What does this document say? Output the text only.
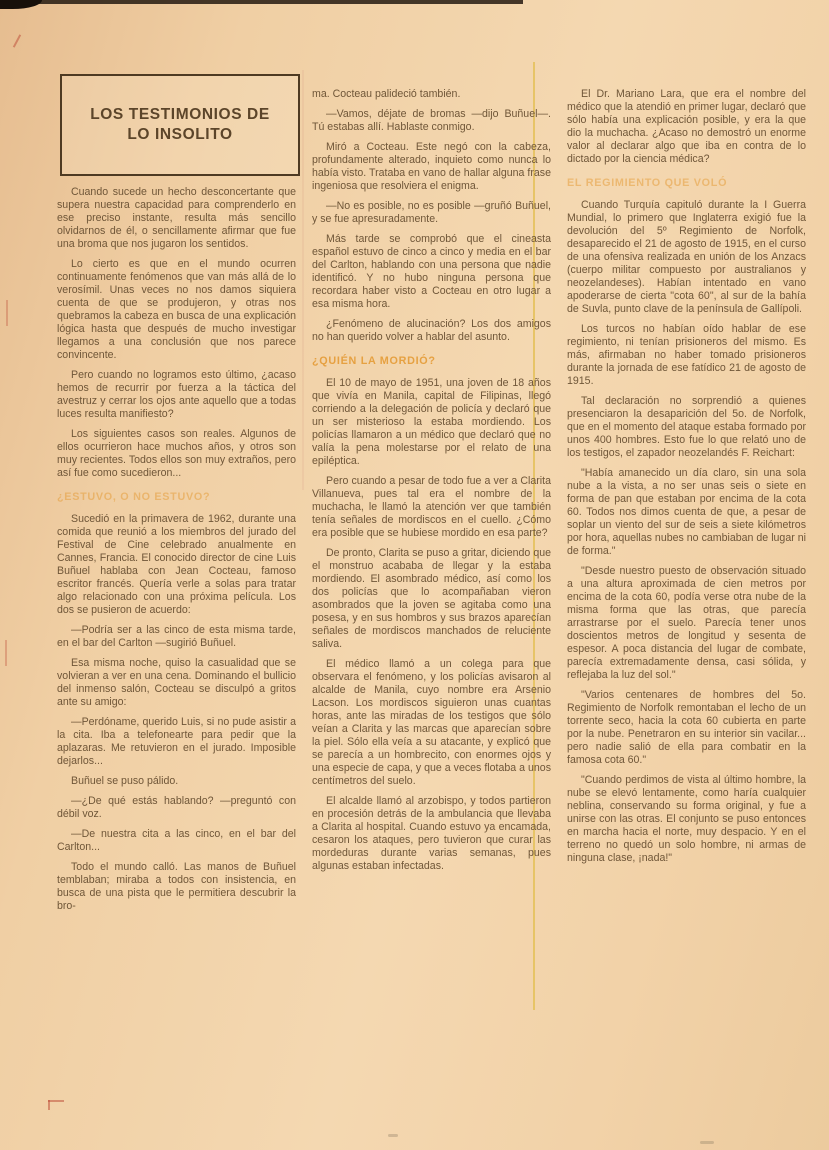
LOS TESTIMONIOS DE
LO INSOLITO

Cuando sucede un hecho desconcertante que supera nuestra capacidad para comprenderlo en ese preciso instante, resulta más sencillo olvidarnos de él, o sencillamente afirmar que fue una broma que nos jugaron los sentidos.

Lo cierto es que en el mundo ocurren continuamente fenómenos que van más allá de lo verosímil. Unas veces no nos damos siquiera cuenta de que se produjeron, y otras nos quebramos la cabeza en busca de una explicación lógica hasta que después de mucho investigar llegamos a una conclusión que nos parece convincente.

Pero cuando no logramos esto último, ¿acaso hemos de recurrir por fuerza a la táctica del avestruz y cerrar los ojos ante aquello que a todas luces resulta manifiesto?

Los siguientes casos son reales. Algunos de ellos ocurrieron hace muchos años, y otros son muy recientes. Todos ellos son muy extraños, pero así fue como sucedieron...

¿ESTUVO, O NO ESTUVO?

Sucedió en la primavera de 1962, durante una comida que reunió a los miembros del jurado del Festival de Cine celebrado anualmente en Cannes, Francia. El conocido director de cine Luis Buñuel hablaba con Jean Cocteau, famoso escritor francés. Quería verle a solas para tratar algo relacionado con una próxima película. Los dos se pusieron de acuerdo:

—Podría ser a las cinco de esta misma tarde, en el bar del Carlton —sugirió Buñuel.

Esa misma noche, quiso la casualidad que se volvieran a ver en una cena. Dominando el bullicio del inmenso salón, Cocteau se disculpó a gritos ante su amigo:

—Perdóname, querido Luis, si no pude asistir a la cita. Iba a telefonearte para pedir que la aplazaras. Me retuvieron en el jurado. Imposible dejarlos...

Buñuel se puso pálido.

—¿De qué estás hablando? —preguntó con débil voz.

—De nuestra cita a las cinco, en el bar del Carlton...

Todo el mundo calló. Las manos de Buñuel temblaban; miraba a todos con insistencia, en busca de una pista que le permitiera descubrir la bro-

ma. Cocteau palideció también.

—Vamos, déjate de bromas —dijo Buñuel—. Tú estabas allí. Hablaste conmigo.

Miró a Cocteau. Este negó con la cabeza, profundamente alterado, inquieto como nunca lo había visto. Trataba en vano de hallar alguna frase ingeniosa que resolviera el enigma.

—No es posible, no es posible —gruñó Buñuel, y se fue apresuradamente.

Más tarde se comprobó que el cineasta español estuvo de cinco a cinco y media en el bar del Carlton, hablando con una persona que nadie identificó. Y no hubo ninguna persona que recordara haber visto a Cocteau en otro lugar a esa misma hora.

¿Fenómeno de alucinación? Los dos amigos no han querido volver a hablar del asunto.

¿QUIÉN LA MORDIÓ?

El 10 de mayo de 1951, una joven de 18 años que vivía en Manila, capital de Filipinas, llegó corriendo a la delegación de policía y declaró que un ser misterioso la estaba mordiendo. Los policías llamaron a un médico que declaró que no valía la pena molestarse por el relato de una epiléptica.

Pero cuando a pesar de todo fue a ver a Clarita Villanueva, pues tal era el nombre de la muchacha, le llamó la atención ver que también tenía señales de mordiscos en el cuello. ¿Cómo era posible que se hubiese mordido en esa parte?

De pronto, Clarita se puso a gritar, diciendo que el monstruo acababa de llegar y la estaba mordiendo. El asombrado médico, así como los dos policías que lo acompañaban vieron asombrados que la joven se agitaba como una posesa, y en sus hombros y sus brazos aparecían señales de mordiscos manchados de reluciente saliva.

El médico llamó a un colega para que observara el fenómeno, y los policías avisaron al alcalde de Manila, cuyo nombre era Arsenio Lacson. Los mordiscos siguieron unas cuantas horas, ante las miradas de los testigos que sólo veían a Clarita y las marcas que aparecían sobre la piel. Sólo ella veía a su atacante, y explicó que se parecía a un hombrecito, con enormes ojos y una especie de capa, y que a veces flotaba a unos centímetros del suelo.

El alcalde llamó al arzobispo, y todos partieron en procesión detrás de la ambulancia que llevaba a Clarita al hospital. Cuando estuvo ya encamada, cesaron los ataques, pero tuvieron que curar las mordeduras durante varias semanas, pues algunas estaban infectadas.

El Dr. Mariano Lara, que era el nombre del médico que la atendió en primer lugar, declaró que sólo había una explicación posible, y era la que dio la muchacha. ¿Acaso no demostró un enorme valor al declarar algo que iba en contra de lo dictado por la ciencia médica?

EL REGIMIENTO QUE VOLÓ

Cuando Turquía capituló durante la I Guerra Mundial, lo primero que Inglaterra exigió fue la devolución del 5º Regimiento de Norfolk, desaparecido el 21 de agosto de 1915, en el curso de una ofensiva realizada en unión de los Anzacs (cuerpo militar compuesto por australianos y neozelandeses). Habían intentado en vano apoderarse de cierta "cota 60", al sur de la bahía de Suvla, punto clave de la península de Gallípoli.

Los turcos no habían oído hablar de ese regimiento, ni tenían prisioneros del mismo. Es más, afirmaban no haber tomado prisioneros durante la jornada de ese fatídico 21 de agosto de 1915.

Tal declaración no sorprendió a quienes presenciaron la desaparición del 5o. de Norfolk, que en el momento del ataque estaba formado por unos 400 hombres. Esto fue lo que relató uno de los testigos, el zapador neozelandés F. Reichart:

"Había amanecido un día claro, sin una sola nube a la vista, a no ser unas seis o siete en forma de pan que estaban por encima de la cota 60. Todos nos dimos cuenta de que, a pesar de soplar un viento del sur de seis a siete kilómetros por hora, aquellas nubes no cambiaban de lugar ni de forma."

"Desde nuestro puesto de observación situado a una altura aproximada de cien metros por encima de la cota 60, podía verse otra nube de la misma forma que las otras, que parecía arrastrarse por el suelo. Parecía tener unos doscientos metros de longitud y sesenta de espesor. A poca distancia del lugar de combate, parecía extremadamente densa, casi sólida, y reflejaba la luz del sol."

"Varios centenares de hombres del 5o. Regimiento de Norfolk remontaban el lecho de un torrente seco, hacia la cota 60 cubierta en parte por la nube. Penetraron en su interior sin vacilar... pero nadie salió de ella para combatir en la famosa cota 60."

"Cuando perdimos de vista al último hombre, la nube se elevó lentamente, como haría cualquier neblina, conservando su forma original, y fue a unirse con las otras. El conjunto se puso entonces en marcha hacia el norte, muy despacio. Y en el terreno no quedó un solo hombre, ni armas de ninguna clase, ¡nada!"
